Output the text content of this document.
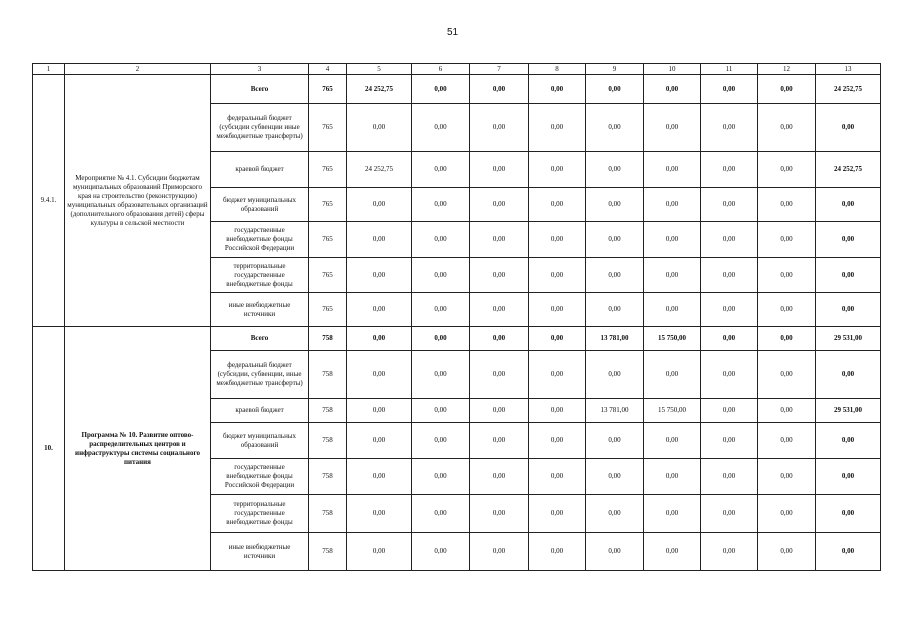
51
1	2	3	4	5	6	7	8	9	10	11	12	13
9.4.1.	Мероприятие № 4.1. Субсидии бюджетам муниципальных образований Приморского края на строительство (реконструкцию) муниципальных образовательных организаций (дополнительного образования детей) сферы культуры в сельской местности	Всего	765	24 252,75	0,00	0,00	0,00	0,00	0,00	0,00	0,00	24 252,75
		федеральный бюджет (субсидии субвенции иные межбюджетные трансферты)	765	0,00	0,00	0,00	0,00	0,00	0,00	0,00	0,00	0,00
		краевой бюджет	765	24 252,75	0,00	0,00	0,00	0,00	0,00	0,00	0,00	24 252,75
		бюджет муниципальных образований	765	0,00	0,00	0,00	0,00	0,00	0,00	0,00	0,00	0,00
		государственные внебюджетные фонды Российской Федерации	765	0,00	0,00	0,00	0,00	0,00	0,00	0,00	0,00	0,00
		территориальные государственные внебюджетные фонды	765	0,00	0,00	0,00	0,00	0,00	0,00	0,00	0,00	0,00
		иные внебюджетные источники	765	0,00	0,00	0,00	0,00	0,00	0,00	0,00	0,00	0,00
10.	Программа № 10. Развитие оптово-распределительных центров и инфраструктуры системы социального питания	Всего	758	0,00	0,00	0,00	0,00	13 781,00	15 750,00	0,00	0,00	29 531,00
		федеральный бюджет (субсидии, субвенции, иные межбюджетные трансферты)	758	0,00	0,00	0,00	0,00	0,00	0,00	0,00	0,00	0,00
		краевой бюджет	758	0,00	0,00	0,00	0,00	13 781,00	15 750,00	0,00	0,00	29 531,00
		бюджет муниципальных образований	758	0,00	0,00	0,00	0,00	0,00	0,00	0,00	0,00	0,00
		государственные внебюджетные фонды Российской Федерации	758	0,00	0,00	0,00	0,00	0,00	0,00	0,00	0,00	0,00
		территориальные государственные внебюджетные фонды	758	0,00	0,00	0,00	0,00	0,00	0,00	0,00	0,00	0,00
		иные внебюджетные источники	758	0,00	0,00	0,00	0,00	0,00	0,00	0,00	0,00	0,00
